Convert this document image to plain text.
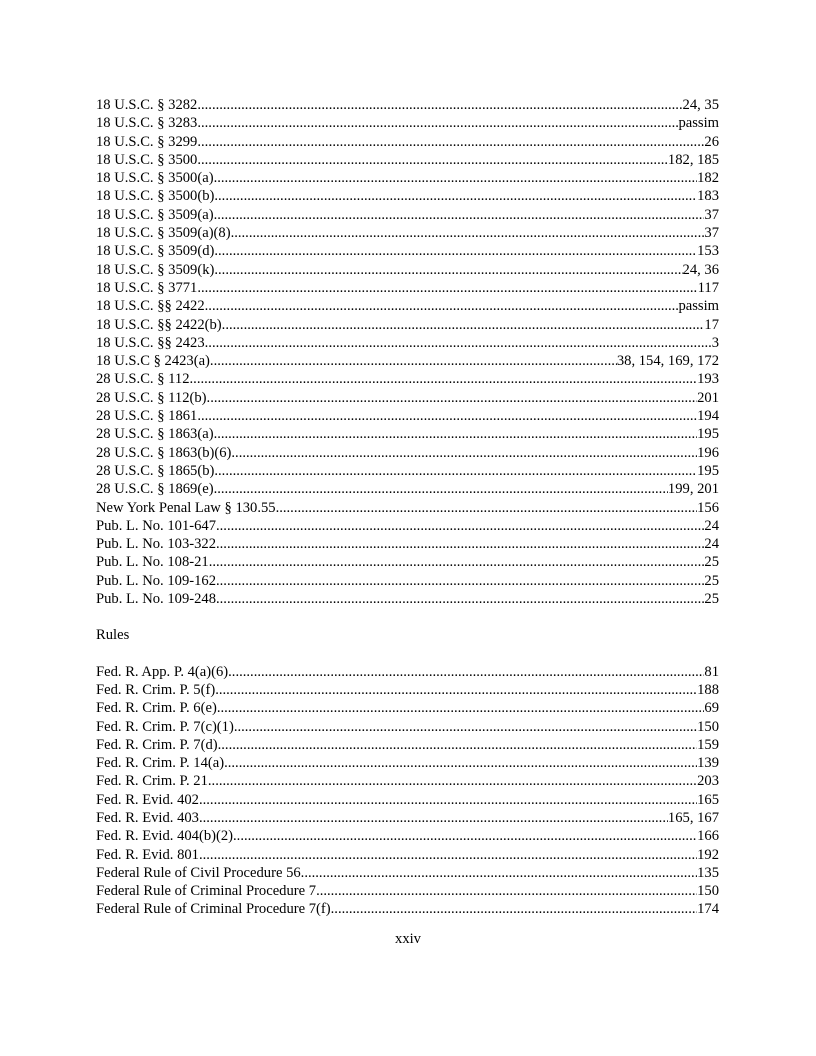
18 U.S.C. § 3282 .....	24, 35
18 U.S.C. § 3283 .....	passim
18 U.S.C. § 3299 .....	26
18 U.S.C. § 3500 .....	182, 185
18 U.S.C. § 3500(a) .....	182
18 U.S.C. § 3500(b) .....	183
18 U.S.C. § 3509(a) .....	37
18 U.S.C. § 3509(a)(8) .....	37
18 U.S.C. § 3509(d) .....	153
18 U.S.C. § 3509(k) .....	24, 36
18 U.S.C. § 3771 .....	117
18 U.S.C. §§ 2422 .....	passim
18 U.S.C. §§ 2422(b) .....	17
18 U.S.C. §§ 2423 .....	3
18 U.S.C § 2423(a) .....	38, 154, 169, 172
28 U.S.C. § 112 .....	193
28 U.S.C. § 112(b) .....	201
28 U.S.C. § 1861 .....	194
28 U.S.C. § 1863(a) .....	195
28 U.S.C. § 1863(b)(6) .....	196
28 U.S.C. § 1865(b) .....	195
28 U.S.C. § 1869(e) .....	199, 201
New York Penal Law § 130.55 .....	156
Pub. L. No. 101-647 .....	24
Pub. L. No. 103-322 .....	24
Pub. L. No. 108-21 .....	25
Pub. L. No. 109-162 .....	25
Pub. L. No. 109-248 .....	25
Rules
Fed. R. App. P. 4(a)(6) .....	81
Fed. R. Crim. P. 5(f) .....	188
Fed. R. Crim. P. 6(e) .....	69
Fed. R. Crim. P. 7(c)(1) .....	150
Fed. R. Crim. P. 7(d) .....	159
Fed. R. Crim. P. 14(a) .....	139
Fed. R. Crim. P. 21 .....	203
Fed. R. Evid. 402 .....	165
Fed. R. Evid. 403 .....	165, 167
Fed. R. Evid. 404(b)(2) .....	166
Fed. R. Evid. 801 .....	192
Federal Rule of Civil Procedure 56 .....	135
Federal Rule of Criminal Procedure 7 .....	150
Federal Rule of Criminal Procedure 7(f) .....	174
xxiv
